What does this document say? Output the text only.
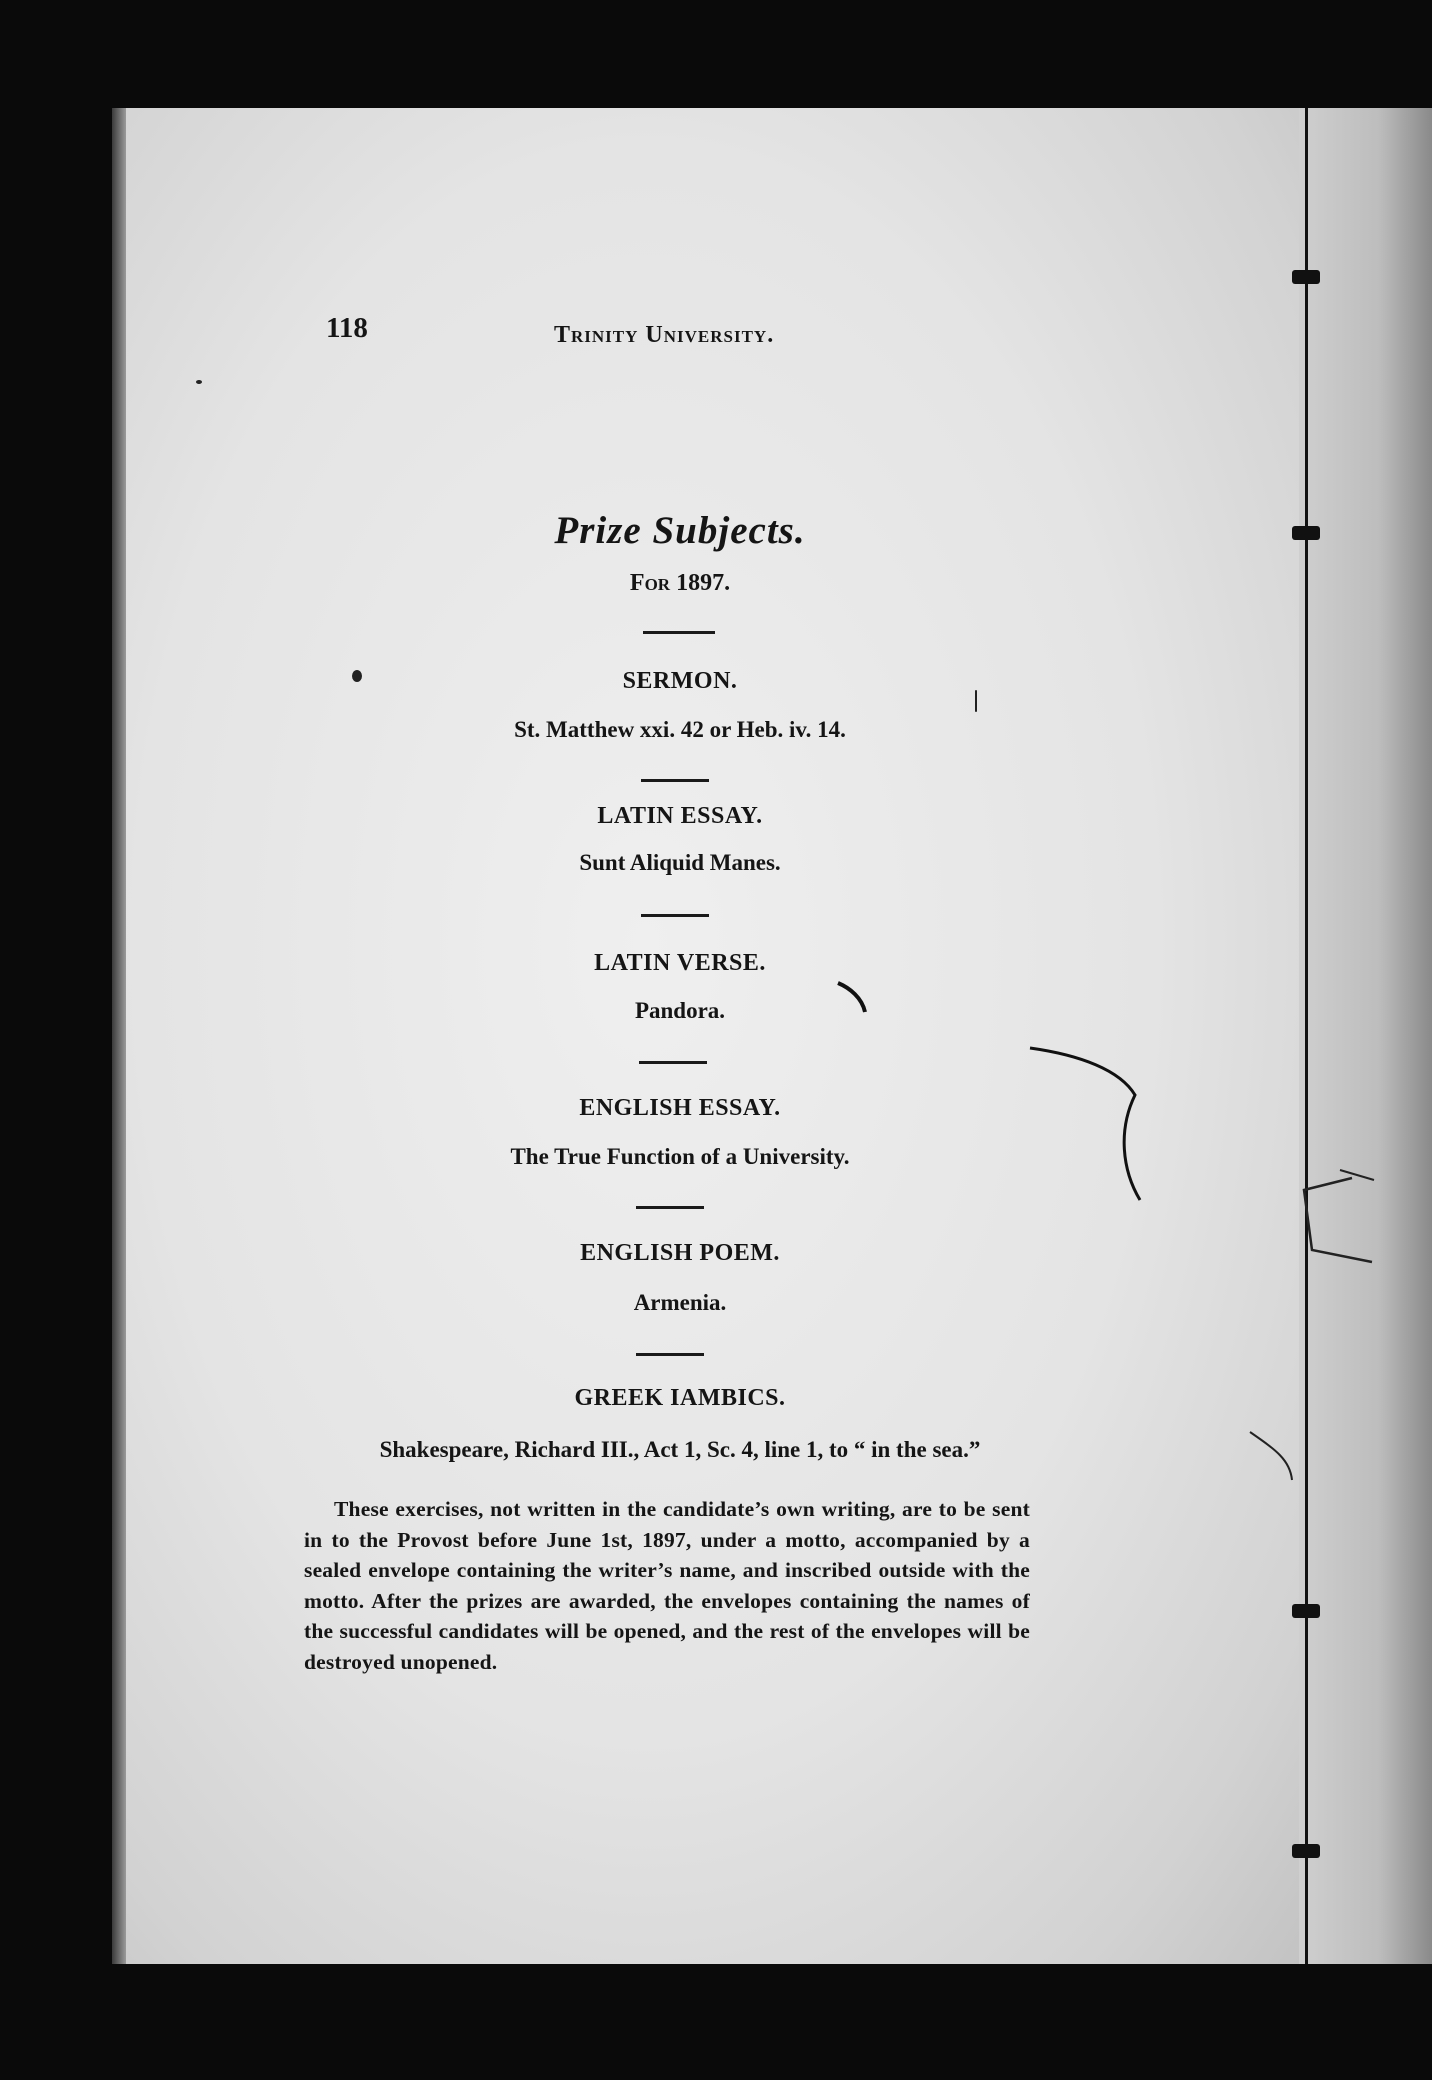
118	Trinity University.
Prize Subjects.
For 1897.
SERMON.
St. Matthew xxi. 42 or Heb. iv. 14.
LATIN ESSAY.
Sunt Aliquid Manes.
LATIN VERSE.
Pandora.
ENGLISH ESSAY.
The True Function of a University.
ENGLISH POEM.
Armenia.
GREEK IAMBICS.
Shakespeare, Richard III., Act 1, Sc. 4, line 1, to “ in the sea.”
These exercises, not written in the candidate’s own writing, are to be sent in to the Provost before June 1st, 1897, under a motto, accompanied by a sealed envelope containing the writer’s name, and inscribed outside with the motto. After the prizes are awarded, the envelopes containing the names of the successful candidates will be opened, and the rest of the envelopes will be destroyed unopened.
